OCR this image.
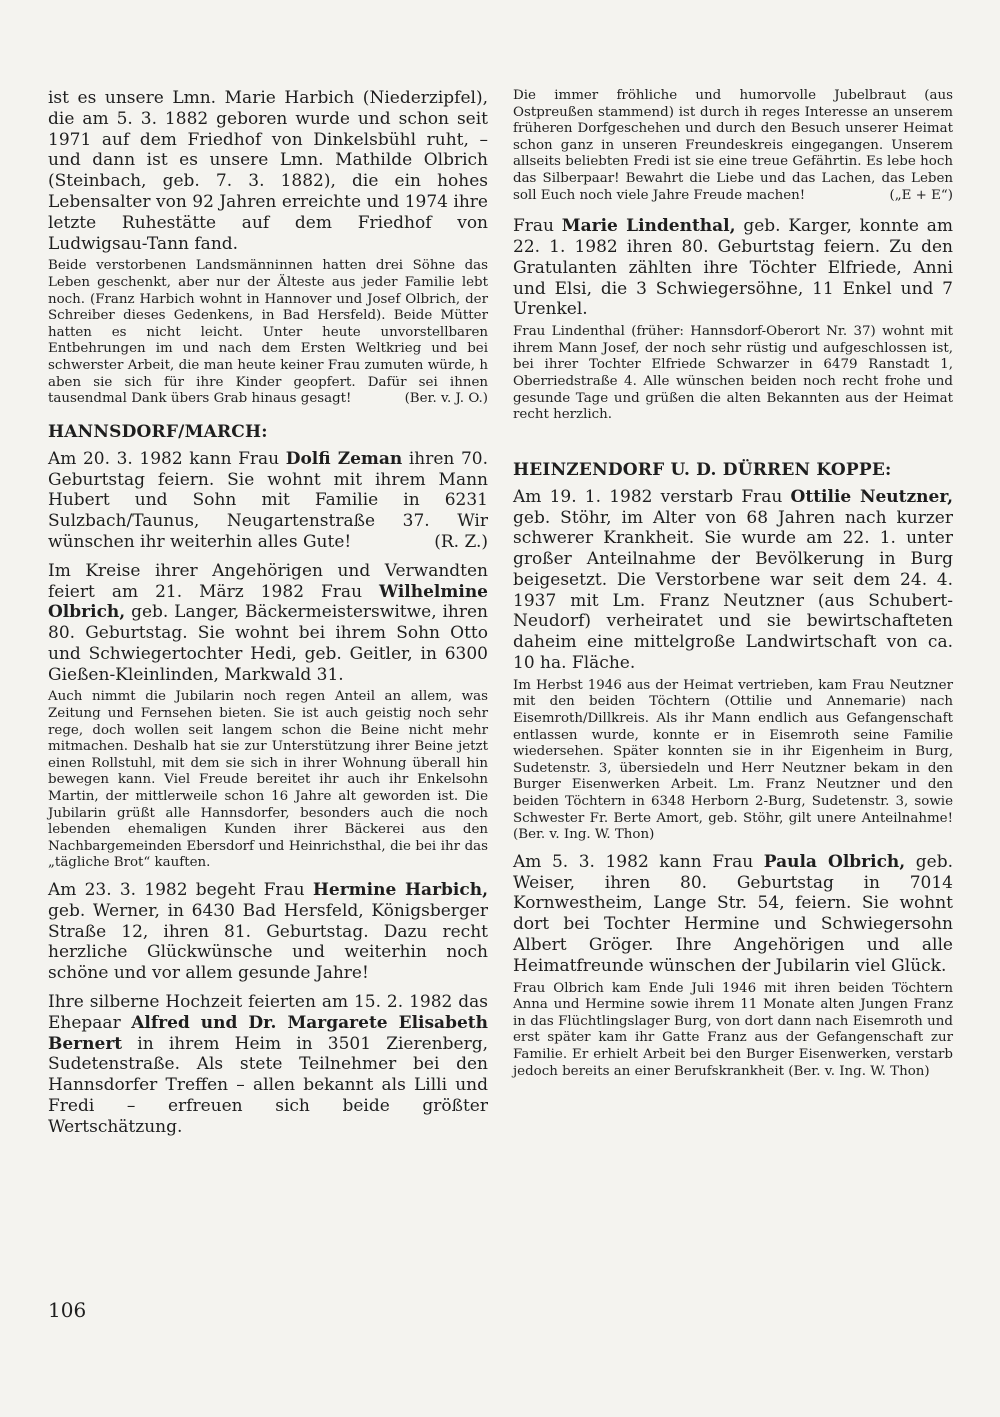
ist es unsere Lmn. Marie Harbich (Niederzipfel), die am 5. 3. 1882 geboren wurde und schon seit 1971 auf dem Friedhof von Dinkelsbühl ruht, – und dann ist es unsere Lmn. Mathilde Olbrich (Steinbach, geb. 7. 3. 1882), die ein hohes Lebensalter von 92 Jahren erreichte und 1974 ihre letzte Ruhestätte auf dem Friedhof von Ludwigsau-Tann fand.

Beide verstorbenen Landsmänninnen hatten drei Söhne das Leben geschenkt, aber nur der Älteste aus jeder Familie lebt noch. (Franz Harbich wohnt in Hannover und Josef Olbrich, der Schreiber dieses Gedenkens, in Bad Hersfeld). Beide Mütter hatten es nicht leicht. Unter heute unvorstellbaren Entbehrungen im und nach dem Ersten Weltkrieg und bei schwerster Arbeit, die man heute keiner Frau zumuten würde, h aben sie sich für ihre Kinder geopfert. Dafür sei ihnen tausendmal Dank übers Grab hinaus gesagt!	(Ber. v. J. O.)

HANNSDORF/MARCH:

Am 20. 3. 1982 kann Frau Dolfi Zeman ihren 70. Geburtstag feiern. Sie wohnt mit ihrem Mann Hubert und Sohn mit Familie in 6231 Sulzbach/Taunus, Neugartenstraße 37. Wir wünschen ihr weiterhin alles Gute!	(R. Z.)

Im Kreise ihrer Angehörigen und Verwandten feiert am 21. März 1982 Frau Wilhelmine Olbrich, geb. Langer, Bäckermeisterswitwe, ihren 80. Geburtstag. Sie wohnt bei ihrem Sohn Otto und Schwiegertochter Hedi, geb. Geitler, in 6300 Gießen-Kleinlinden, Markwald 31.

Auch nimmt die Jubilarin noch regen Anteil an allem, was Zeitung und Fernsehen bieten. Sie ist auch geistig noch sehr rege, doch wollen seit langem schon die Beine nicht mehr mitmachen. Deshalb hat sie zur Unterstützung ihrer Beine jetzt einen Rollstuhl, mit dem sie sich in ihrer Wohnung überall hin bewegen kann. Viel Freude bereitet ihr auch ihr Enkelsohn Martin, der mittlerweile schon 16 Jahre alt geworden ist. Die Jubilarin grüßt alle Hannsdorfer, besonders auch die noch lebenden ehemaligen Kunden ihrer Bäckerei aus den Nachbargemeinden Ebersdorf und Heinrichsthal, die bei ihr das „tägliche Brot“ kauften.

Am 23. 3. 1982 begeht Frau Hermine Harbich, geb. Werner, in 6430 Bad Hersfeld, Königsberger Straße 12, ihren 81. Geburtstag. Dazu recht herzliche Glückwünsche und weiterhin noch schöne und vor allem gesunde Jahre!

Ihre silberne Hochzeit feierten am 15. 2. 1982 das Ehepaar Alfred und Dr. Margarete Elisabeth Bernert in ihrem Heim in 3501 Zierenberg, Sudetenstraße. Als stete Teilnehmer bei den Hannsdorfer Treffen – allen bekannt als Lilli und Fredi – erfreuen sich beide größter Wertschätzung.

Die immer fröhliche und humorvolle Jubelbraut (aus Ostpreußen stammend) ist durch ih reges Interesse an unserem früheren Dorfgeschehen und durch den Besuch unserer Heimat schon ganz in unseren Freundeskreis eingegangen. Unserem allseits beliebten Fredi ist sie eine treue Gefährtin. Es lebe hoch das Silberpaar! Bewahrt die Liebe und das Lachen, das Leben soll Euch noch viele Jahre Freude machen!	(„E + E“)

Frau Marie Lindenthal, geb. Karger, konnte am 22. 1. 1982 ihren 80. Geburtstag feiern. Zu den Gratulanten zählten ihre Töchter Elfriede, Anni und Elsi, die 3 Schwiegersöhne, 11 Enkel und 7 Urenkel.

Frau Lindenthal (früher: Hannsdorf-Oberort Nr. 37) wohnt mit ihrem Mann Josef, der noch sehr rüstig und aufgeschlossen ist, bei ihrer Tochter Elfriede Schwarzer in 6479 Ranstadt 1, Oberriedstraße 4. Alle wünschen beiden noch recht frohe und gesunde Tage und grüßen die alten Bekannten aus der Heimat recht herzlich.

HEINZENDORF U. D. DÜRREN KOPPE:

Am 19. 1. 1982 verstarb Frau Ottilie Neutzner, geb. Stöhr, im Alter von 68 Jahren nach kurzer schwerer Krankheit. Sie wurde am 22. 1. unter großer Anteilnahme der Bevölkerung in Burg beigesetzt. Die Verstorbene war seit dem 24. 4. 1937 mit Lm. Franz Neutzner (aus Schubert-Neudorf) verheiratet und sie bewirtschafteten daheim eine mittelgroße Landwirtschaft von ca. 10 ha. Fläche.

Im Herbst 1946 aus der Heimat vertrieben, kam Frau Neutzner mit den beiden Töchtern (Ottilie und Annemarie) nach Eisemroth/Dillkreis. Als ihr Mann endlich aus Gefangenschaft entlassen wurde, konnte er in Eisemroth seine Familie wiedersehen. Später konnten sie in ihr Eigenheim in Burg, Sudetenstr. 3, übersiedeln und Herr Neutzner bekam in den Burger Eisenwerken Arbeit. Lm. Franz Neutzner und den beiden Töchtern in 6348 Herborn 2-Burg, Sudetenstr. 3, sowie Schwester Fr. Berte Amort, geb. Stöhr, gilt unere Anteilnahme! (Ber. v. Ing. W. Thon)

Am 5. 3. 1982 kann Frau Paula Olbrich, geb. Weiser, ihren 80. Geburtstag in 7014 Kornwestheim, Lange Str. 54, feiern. Sie wohnt dort bei Tochter Hermine und Schwiegersohn Albert Gröger. Ihre Angehörigen und alle Heimatfreunde wünschen der Jubilarin viel Glück.

Frau Olbrich kam Ende Juli 1946 mit ihren beiden Töchtern Anna und Hermine sowie ihrem 11 Monate alten Jungen Franz in das Flüchtlingslager Burg, von dort dann nach Eisemroth und erst später kam ihr Gatte Franz aus der Gefangenschaft zur Familie. Er erhielt Arbeit bei den Burger Eisenwerken, verstarb jedoch bereits an einer Berufskrankheit (Ber. v. Ing. W. Thon)

106
